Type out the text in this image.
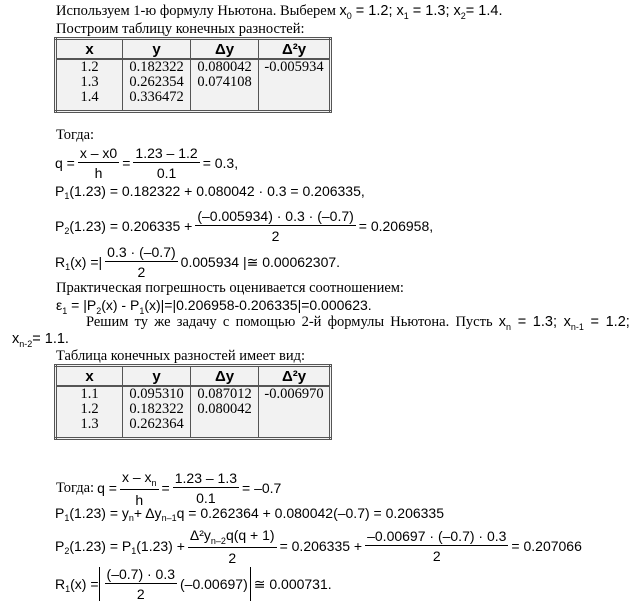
Используем 1-ю формулу Ньютона. Выберем $x_0 = 1.2$; $x_1 = 1.3$; $x_2= 1.4$.
Построим таблицу конечных разностей:
x	y	Δy	Δ²y
1.2	0.182322	0.080042	-0.005934
1.3	0.262354	0.074108	
1.4	0.336472		
Тогда:
$q = \frac{x - x0}{h} = \frac{1.23 - 1.2}{0.1} = 0.3$,
$P_1$ (1.23) = 0.182322 + 0.080042 · 0.3 = 0.206335,
$P_2$ $(1.23) = 0.206335 + \frac{(-0.005934) \cdot 0.3 \cdot (-0.7)}{2} = 0.206958$,
$R_1$ (x) =| $\frac{0.3 \cdot (-0.7)}{2} 0.005934$ |≅ 0.00062307.
Практическая погрешность оценивается соотношением:
$\varepsilon_1 = |P_2(x) - P_1(x)|=|0.206958-0.206335|=0.000623$.
Решим ту же задачу с помощью 2-й формулы Ньютона. Пусть $x_n = 1.3$; $x_{n-1} = 1.2$;
$x_{n-2}= 1.1$.
Таблица конечных разностей имеет вид:
x	y	Δy	Δ²y
1.1	0.095310	0.087012	-0.006970
1.2	0.182322	0.080042	
1.3	0.262364		
Тогда: $q = \frac{x - x_n}{h} = \frac{1.23 - 1.3}{0.1} = -0.7$
$P_1$ $(1.23) = y_n + \Delta y_{n-1}$ q = 0.262364 + 0.080042(–0.7) = 0.206335
$P_2$ $(1.23) = P_1$ $(1.23) + \frac{\Delta^2y_{n-2}q(q + 1)}{2} = 0.206335 + \frac{-0.00697 \cdot (-0.7) \cdot 0.3}{2} = 0.207066$
$R_1$ $(x) = \frac{(-0.7) \cdot 0.3}{2} (-0.00697)$ ≅ 0.000731.
